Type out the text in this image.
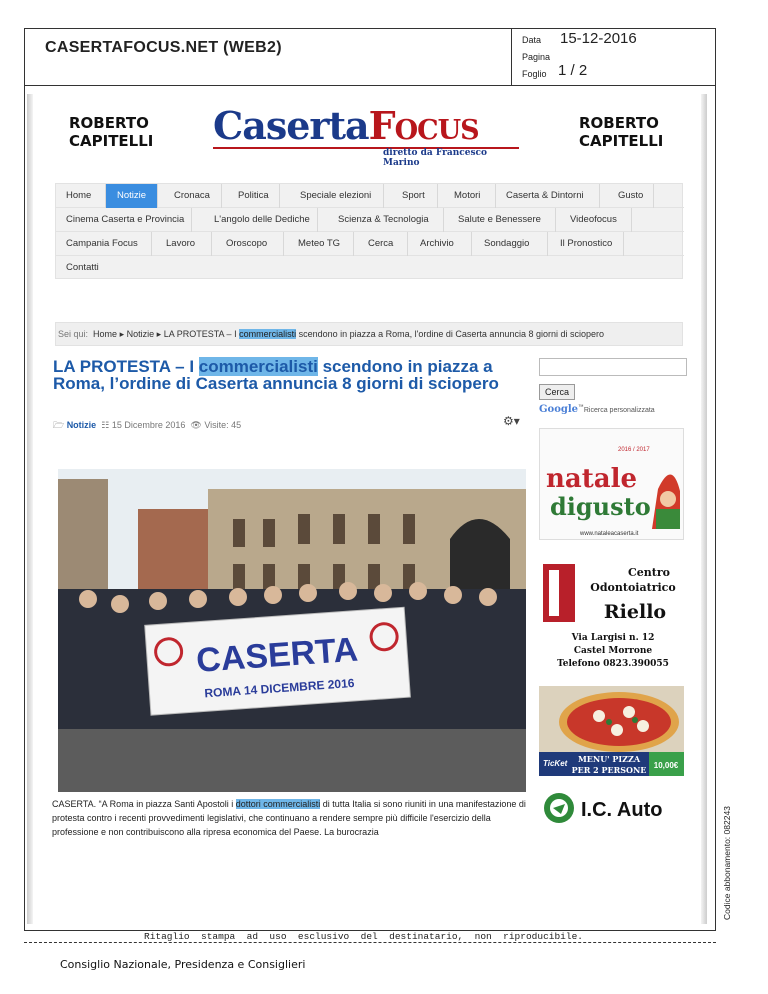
CASERTAFOCUS.NET (WEB2)	Data 15-12-2016
Pagina
Foglio 1 / 2
ROBERTO
CAPITELLI
ROBERTO
CAPITELLI
CasertaFocus
diretto da Francesco Marino
Home	Notizie	Cronaca	Politica	Speciale elezioni	Sport	Motori	Caserta & Dintorni	Gusto
Cinema Caserta e Provincia	L'angolo delle Dediche	Scienza & Tecnologia	Salute e Benessere	Videofocus
Campania Focus	Lavoro	Oroscopo	Meteo TG	Cerca	Archivio	Sondaggio	Il Pronostico
Contatti
Sei qui: Home ▸ Notizie ▸ LA PROTESTA – I commercialisti scendono in piazza a Roma, l'ordine di Caserta annuncia 8 giorni di sciopero
LA PROTESTA – I commercialisti scendono in piazza a Roma, l’ordine di Caserta annuncia 8 giorni di sciopero
🗁 Notizie ☷ 15 Dicembre 2016 👁 Visite: 45	⚙▾
CASERTA
ROMA 14 DICEMBRE 2016
CASERTA. “A Roma in piazza Santi Apostoli i dottori commercialisti di tutta Italia si sono riuniti in una manifestazione di protesta contro i recenti provvedimenti legislativi, che continuano a rendere sempre più difficile l'esercizio della professione e non contribuiscono alla ripresa economica del Paese. La burocrazia
Cerca
Google™Ricerca personalizzata
natale
digusto
2016 / 2017
www.nataleacaserta.it
Centro
Odontoiatrico
Riello
Via Largisi n. 12
Castel Morrone
Telefono 0823.390055
TicKet MENU' PIZZA
PER 2 PERSONE 10,00€
I.C. Auto
Ritaglio  stampa  ad  uso  esclusivo  del  destinatario,  non  riproducibile.
Codice abbonamento: 082243
Consiglio Nazionale, Presidenza e Consiglieri
